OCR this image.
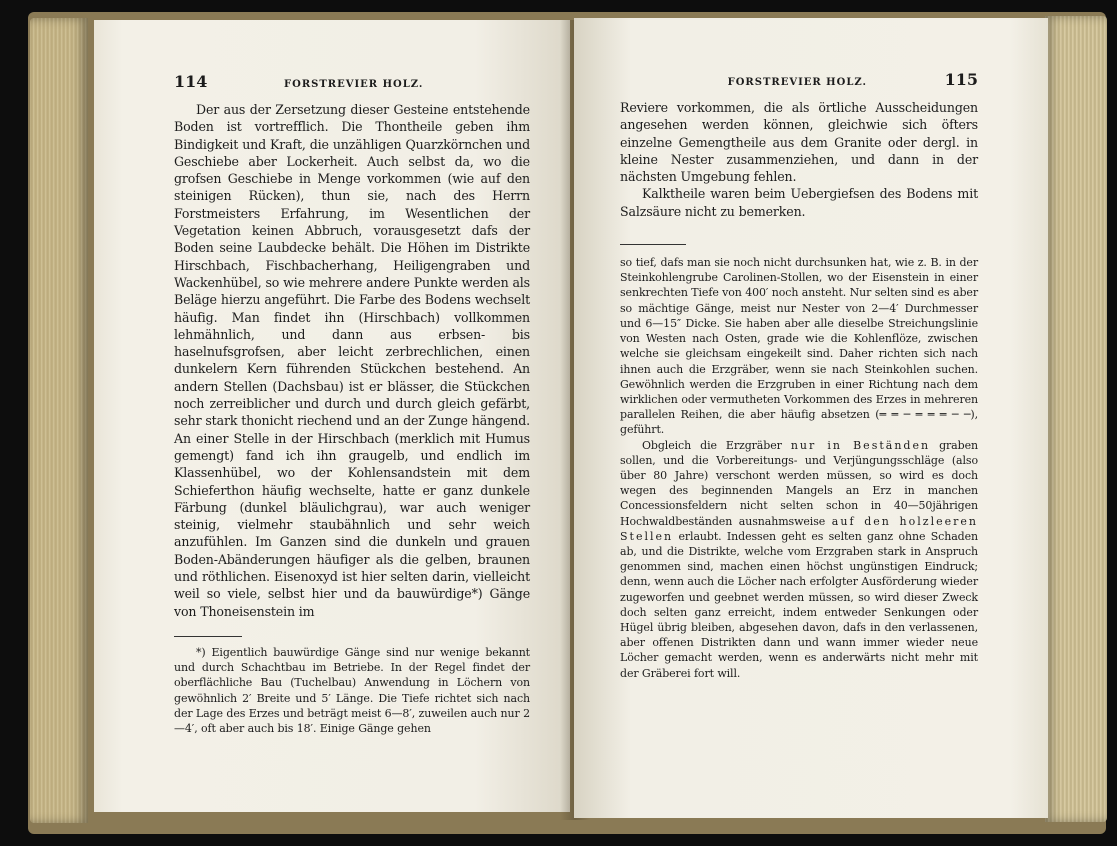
114	FORSTREVIER HOLZ.

Der aus der Zersetzung dieser Gesteine entstehende Boden ist vortrefflich. Die Thontheile geben ihm Bindigkeit und Kraft, die unzähligen Quarzkörnchen und Geschiebe aber Lockerheit. Auch selbst da, wo die grofsen Geschiebe in Menge vorkommen (wie auf den steinigen Rücken), thun sie, nach des Herrn Forstmeisters Erfahrung, im Wesentlichen der Vegetation keinen Abbruch, vorausgesetzt dafs der Boden seine Laubdecke behält. Die Höhen im Distrikte Hirschbach, Fischbacherhang, Heiligengraben und Wackenhübel, so wie mehrere andere Punkte werden als Beläge hierzu angeführt. Die Farbe des Bodens wechselt häufig. Man findet ihn (Hirschbach) vollkommen lehmähnlich, und dann aus erbsen- bis haselnufsgrofsen, aber leicht zerbrechlichen, einen dunkelern Kern führenden Stückchen bestehend. An andern Stellen (Dachsbau) ist er blässer, die Stückchen noch zerreiblicher und durch und durch gleich gefärbt, sehr stark thonicht riechend und an der Zunge hängend. An einer Stelle in der Hirschbach (merklich mit Humus gemengt) fand ich ihn graugelb, und endlich im Klassenhübel, wo der Kohlensandstein mit dem Schieferthon häufig wechselte, hatte er ganz dunkele Färbung (dunkel bläulichgrau), war auch weniger steinig, vielmehr staubähnlich und sehr weich anzufühlen. Im Ganzen sind die dunkeln und grauen Boden-Abänderungen häufiger als die gelben, braunen und röthlichen. Eisenoxyd ist hier selten darin, vielleicht weil so viele, selbst hier und da bauwürdige*) Gänge von Thoneisenstein im

*) Eigentlich bauwürdige Gänge sind nur wenige bekannt und durch Schachtbau im Betriebe. In der Regel findet der oberflächliche Bau (Tuchelbau) Anwendung in Löchern von gewöhnlich 2′ Breite und 5′ Länge. Die Tiefe richtet sich nach der Lage des Erzes und beträgt meist 6—8′, zuweilen auch nur 2—4′, oft aber auch bis 18′. Einige Gänge gehen

FORSTREVIER HOLZ.	115

Reviere vorkommen, die als örtliche Ausscheidungen angesehen werden können, gleichwie sich öfters einzelne Gemengtheile aus dem Granite oder dergl. in kleine Nester zusammenziehen, und dann in der nächsten Umgebung fehlen.

Kalktheile waren beim Uebergiefsen des Bodens mit Salzsäure nicht zu bemerken.

so tief, dafs man sie noch nicht durchsunken hat, wie z. B. in der Steinkohlengrube Carolinen-Stollen, wo der Eisenstein in einer senkrechten Tiefe von 400′ noch ansteht. Nur selten sind es aber so mächtige Gänge, meist nur Nester von 2—4′ Durchmesser und 6—15″ Dicke. Sie haben aber alle dieselbe Streichungslinie von Westen nach Osten, grade wie die Kohlenflöze, zwischen welche sie gleichsam eingekeilt sind. Daher richten sich nach ihnen auch die Erzgräber, wenn sie nach Steinkohlen suchen. Gewöhnlich werden die Erzgruben in einer Richtung nach dem wirklichen oder vermutheten Vorkommen des Erzes in mehreren parallelen Reihen, die aber häufig absetzen (═ ═ ─ ═ ═ ═ ─ ─), geführt.

Obgleich die Erzgräber nur in Beständen graben sollen, und die Vorbereitungs- und Verjüngungsschläge (also über 80 Jahre) verschont werden müssen, so wird es doch wegen des beginnenden Mangels an Erz in manchen Concessionsfeldern nicht selten schon in 40—50jährigen Hochwaldbeständen ausnahmsweise auf den holzleeren Stellen erlaubt. Indessen geht es selten ganz ohne Schaden ab, und die Distrikte, welche vom Erzgraben stark in Anspruch genommen sind, machen einen höchst ungünstigen Eindruck; denn, wenn auch die Löcher nach erfolgter Ausförderung wieder zugeworfen und geebnet werden müssen, so wird dieser Zweck doch selten ganz erreicht, indem entweder Senkungen oder Hügel übrig bleiben, abgesehen davon, dafs in den verlassenen, aber offenen Distrikten dann und wann immer wieder neue Löcher gemacht werden, wenn es anderwärts nicht mehr mit der Gräberei fort will.
